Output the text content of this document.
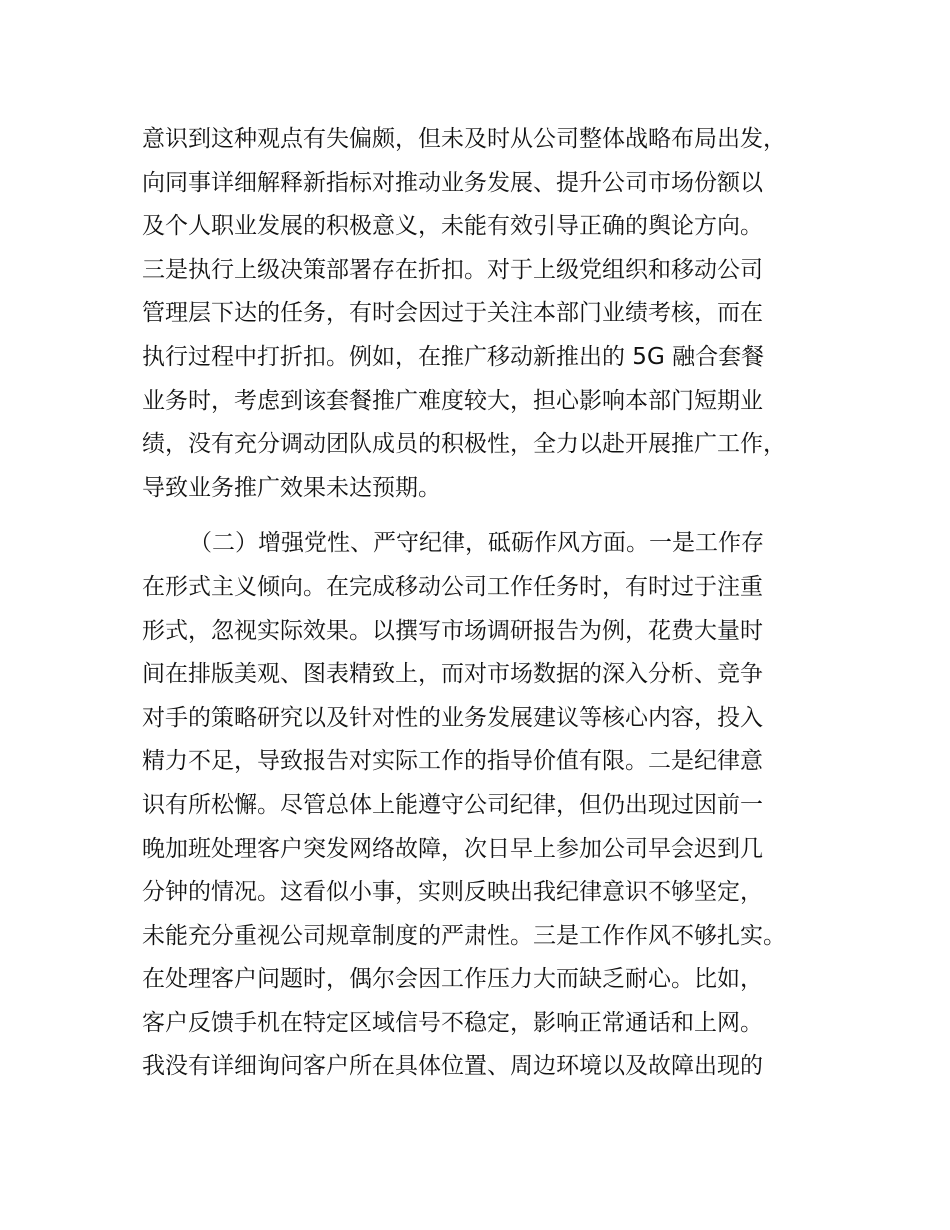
意识到这种观点有失偏颇，但未及时从公司整体战略布局出发，
向同事详细解释新指标对推动业务发展、提升公司市场份额以
及个人职业发展的积极意义，未能有效引导正确的舆论方向。
三是执行上级决策部署存在折扣。对于上级党组织和移动公司
管理层下达的任务，有时会因过于关注本部门业绩考核，而在
执行过程中打折扣。例如，在推广移动新推出的 5G 融合套餐
业务时，考虑到该套餐推广难度较大，担心影响本部门短期业
绩，没有充分调动团队成员的积极性，全力以赴开展推广工作，
导致业务推广效果未达预期。
（二）增强党性、严守纪律，砥砺作风方面。一是工作存
在形式主义倾向。在完成移动公司工作任务时，有时过于注重
形式，忽视实际效果。以撰写市场调研报告为例，花费大量时
间在排版美观、图表精致上，而对市场数据的深入分析、竞争
对手的策略研究以及针对性的业务发展建议等核心内容，投入
精力不足，导致报告对实际工作的指导价值有限。二是纪律意
识有所松懈。尽管总体上能遵守公司纪律，但仍出现过因前一
晚加班处理客户突发网络故障，次日早上参加公司早会迟到几
分钟的情况。这看似小事，实则反映出我纪律意识不够坚定，
未能充分重视公司规章制度的严肃性。三是工作作风不够扎实。
在处理客户问题时，偶尔会因工作压力大而缺乏耐心。比如，
客户反馈手机在特定区域信号不稳定，影响正常通话和上网。
我没有详细询问客户所在具体位置、周边环境以及故障出现的
